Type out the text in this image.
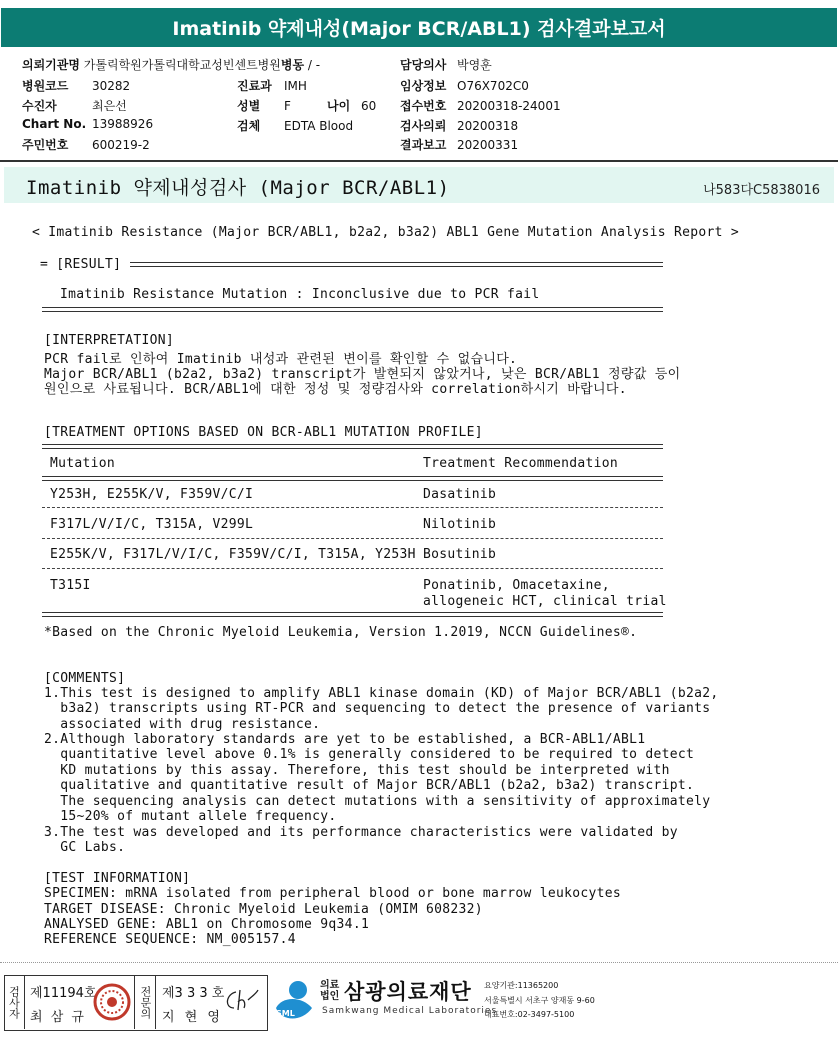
Imatinib 약제내성(Major BCR/ABL1) 검사결과보고서
의뢰기관명 가톨릭학원가톨릭대학교성빈센트병원병동 / -
병원코드 30282
수진자	최은선
Chart No. 13988926
주민번호 600219-2
진료과 IMH
성별 F	나이 60
검체 EDTA Blood
담당의사 박영훈
임상정보 O76X702C0
접수번호 20200318-24001
검사의뢰 20200318
결과보고 20200331
Imatinib 약제내성검사 (Major BCR/ABL1)	나583다C5838016
< Imatinib Resistance (Major BCR/ABL1, b2a2, b3a2) ABL1 Gene Mutation Analysis Report >
= [RESULT]
Imatinib Resistance Mutation : Inconclusive due to PCR fail
[INTERPRETATION]
PCR fail로 인하여 Imatinib 내성과 관련된 변이를 확인할 수 없습니다.
Major BCR/ABL1 (b2a2, b3a2) transcript가 발현되지 않았거나, 낮은 BCR/ABL1 정량값 등이
원인으로 사료됩니다. BCR/ABL1에 대한 정성 및 정량검사와 correlation하시기 바랍니다.
[TREATMENT OPTIONS BASED ON BCR-ABL1 MUTATION PROFILE]
Mutation	Treatment Recommendation
Y253H, E255K/V, F359V/C/I	Dasatinib
F317L/V/I/C, T315A, V299L	Nilotinib
E255K/V, F317L/V/I/C, F359V/C/I, T315A, Y253H Bosutinib
T315I	Ponatinib, Omacetaxine,
allogeneic HCT, clinical trial
*Based on the Chronic Myeloid Leukemia, Version 1.2019, NCCN Guidelines®.
[COMMENTS]
1.This test is designed to amplify ABL1 kinase domain (KD) of Major BCR/ABL1 (b2a2,
b3a2) transcripts using RT-PCR and sequencing to detect the presence of variants
associated with drug resistance.
2.Although laboratory standards are yet to be established, a BCR-ABL1/ABL1
quantitative level above 0.1% is generally considered to be required to detect
KD mutations by this assay. Therefore, this test should be interpreted with
qualitative and quantitative result of Major BCR/ABL1 (b2a2, b3a2) transcript.
The sequencing analysis can detect mutations with a sensitivity of approximately
15~20% of mutant allele frequency.
3.The test was developed and its performance characteristics were validated by
GC Labs.
[TEST INFORMATION]
SPECIMEN: mRNA isolated from peripheral blood or bone marrow leukocytes
TARGET DISEASE: Chronic Myeloid Leukemia (OMIM 608232)
ANALYSED GENE: ABL1 on Chromosome 9q34.1
REFERENCE SEQUENCE: NM_005157.4
검사자 제11194호
최 삼 규	전문의 제3 3 3 호
지 현 영	SML
의료법인 삼광의료재단
Samkwang Medical Laboratories
요양기관:11365200
서울특별시 서초구 양재동 9-60
대표번호:02-3497-5100
